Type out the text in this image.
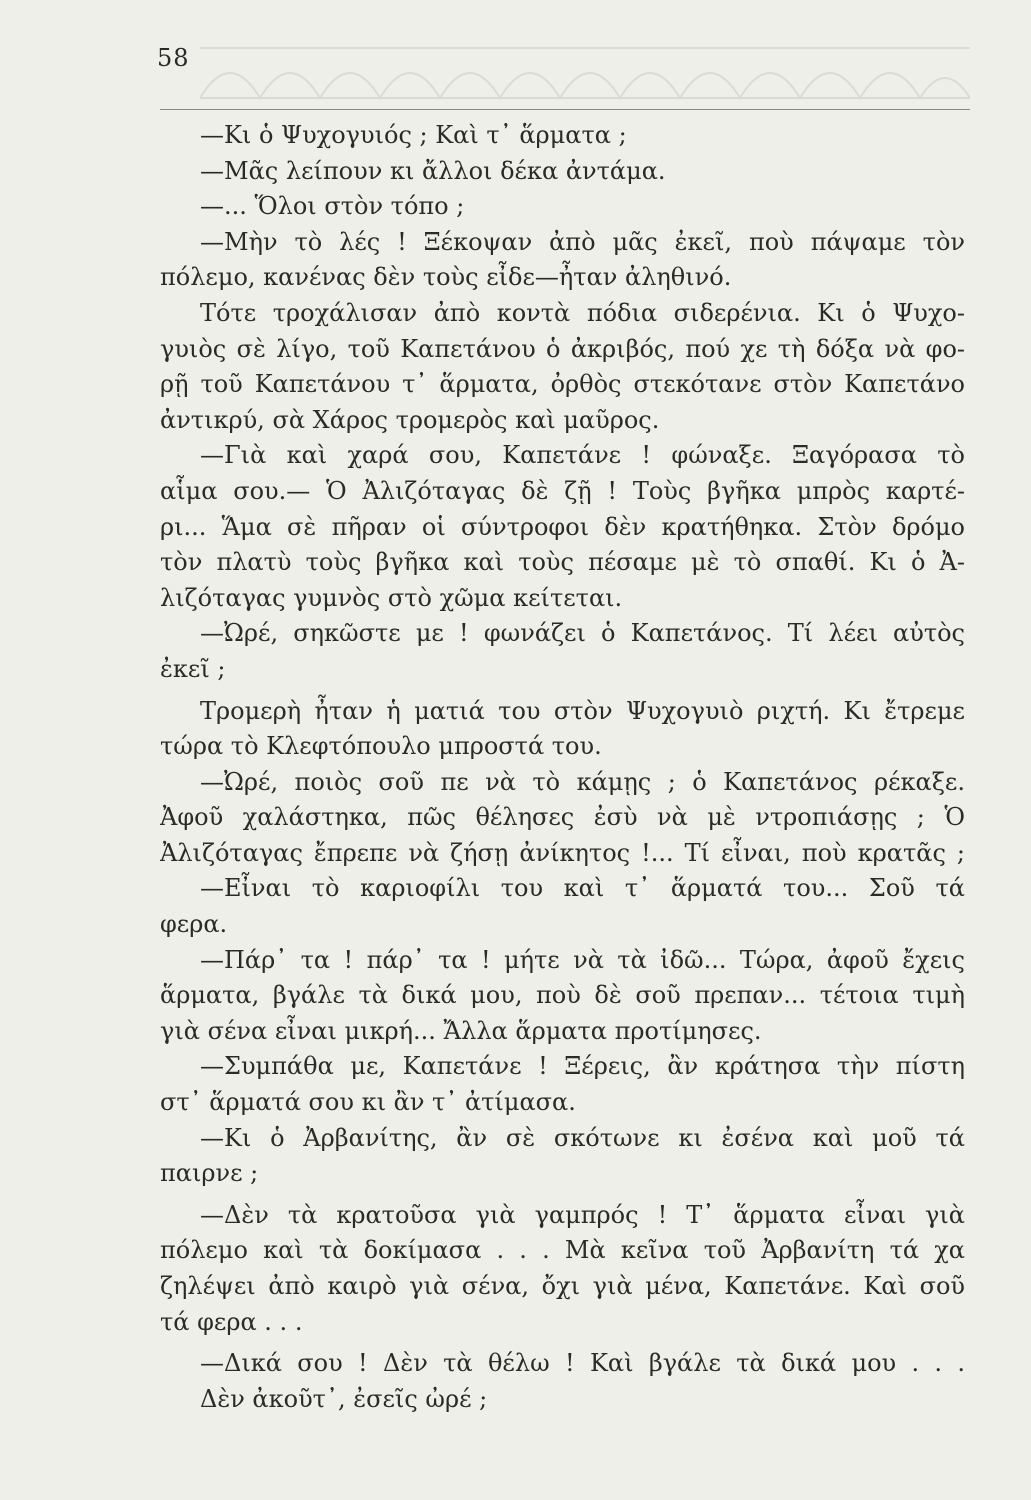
58
—Κι ὁ Ψυχογυιός ; Καὶ τ᾿ ἅρματα ;
—Μᾶς λείπουν κι ἄλλοι δέκα ἀντάμα.
—... Ὅλοι στὸν τόπο ;
—Μὴν τὸ λές ! Ξέκοψαν ἀπὸ μᾶς ἐκεῖ, ποὺ πάψαμε τὸν
πόλεμο, κανένας δὲν τοὺς εἶδε—ἦταν ἀληθινό.
Τότε τροχάλισαν ἀπὸ κοντὰ πόδια σιδερένια. Κι ὁ Ψυχο-
γυιὸς σὲ λίγο, τοῦ Καπετάνου ὁ ἀκριβός, πού χε τὴ δόξα νὰ φο-
ρῇ τοῦ Καπετάνου τ᾿ ἅρματα, ὀρθὸς στεκότανε στὸν Καπετάνο
ἀντικρύ, σὰ Χάρος τρομερὸς καὶ μαῦρος.
—Γιὰ καὶ χαρά σου, Καπετάνε ! φώναξε. Ξαγόρασα τὸ
αἷμα σου.— Ὁ Ἀλιζόταγας δὲ ζῇ ! Τοὺς βγῆκα μπρὸς καρτέ-
ρι... Ἅμα σὲ πῆραν οἱ σύντροφοι δὲν κρατήθηκα. Στὸν δρόμο
τὸν πλατὺ τοὺς βγῆκα καὶ τοὺς πέσαμε μὲ τὸ σπαθί. Κι ὁ Ἀ-
λιζόταγας γυμνὸς στὸ χῶμα κείτεται.
—Ὠρέ, σηκῶστε με ! φωνάζει ὁ Καπετάνος. Τί λέει αὐτὸς
ἐκεῖ ;
Τρομερὴ ἦταν ἡ ματιά του στὸν Ψυχογυιὸ ριχτή. Κι ἔτρεμε
τώρα τὸ Κλεφτόπουλο μπροστά του.
—Ὠρέ, ποιὸς σοῦ πε νὰ τὸ κάμῃς ; ὁ Καπετάνος ρέκαξε.
Ἀφοῦ χαλάστηκα, πῶς θέλησες ἐσὺ νὰ μὲ ντροπιάσῃς ; Ὁ
Ἀλιζόταγας ἔπρεπε νὰ ζήσῃ ἀνίκητος !... Τί εἶναι, ποὺ κρατᾶς ;
—Εἶναι τὸ καριοφίλι του καὶ τ᾿ ἅρματά του... Σοῦ τά
φερα.
—Πάρ᾿ τα ! πάρ᾿ τα ! μήτε νὰ τὰ ἰδῶ... Τώρα, ἀφοῦ ἔχεις
ἅρματα, βγάλε τὰ δικά μου, ποὺ δὲ σοῦ πρεπαν... τέτοια τιμὴ
γιὰ σένα εἶναι μικρή... Ἄλλα ἅρματα προτίμησες.
—Συμπάθα με, Καπετάνε ! Ξέρεις, ἂν κράτησα τὴν πίστη
στ᾿ ἅρματά σου κι ἂν τ᾿ ἀτίμασα.
—Κι ὁ Ἀρβανίτης, ἂν σὲ σκότωνε κι ἐσένα καὶ μοῦ τά
παιρνε ;
—Δὲν τὰ κρατοῦσα γιὰ γαμπρός ! Τ᾿ ἅρματα εἶναι γιὰ
πόλεμο καὶ τὰ δοκίμασα . . . Μὰ κεῖνα τοῦ Ἀρβανίτη τά χα
ζηλέψει ἀπὸ καιρὸ γιὰ σένα, ὄχι γιὰ μένα, Καπετάνε. Καὶ σοῦ
τά φερα . . .
—Δικά σου ! Δὲν τὰ θέλω ! Καὶ βγάλε τὰ δικά μου . . .
Δὲν ἀκοῦτ᾿, ἐσεῖς ὠρέ ;
